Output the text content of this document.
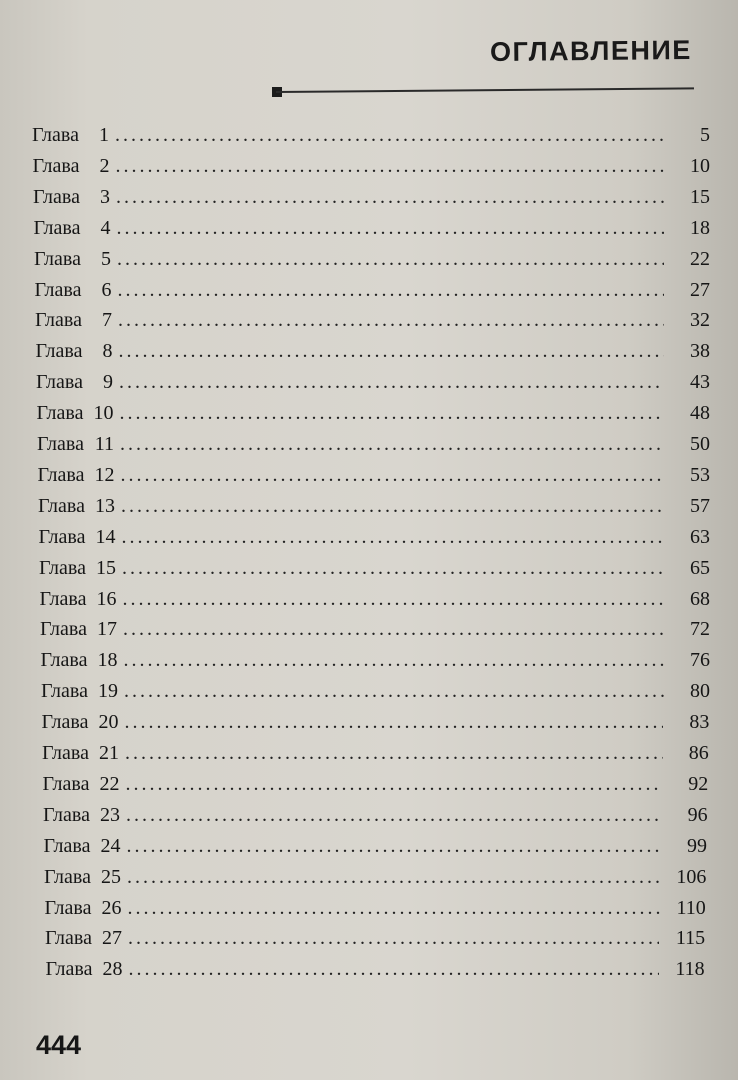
ОГЛАВЛЕНИЕ
Глава 1 .....	5
Глава 2 .....	10
Глава 3 .....	15
Глава 4 .....	18
Глава 5 .....	22
Глава 6 .....	27
Глава 7 .....	32
Глава 8 .....	38
Глава 9 .....	43
Глава 10 .....	48
Глава 11 .....	50
Глава 12 .....	53
Глава 13 .....	57
Глава 14 .....	63
Глава 15 .....	65
Глава 16 .....	68
Глава 17 .....	72
Глава 18 .....	76
Глава 19 .....	80
Глава 20 .....	83
Глава 21 .....	86
Глава 22 .....	92
Глава 23 .....	96
Глава 24 .....	99
Глава 25 .....	106
Глава 26 .....	110
Глава 27 .....	115
Глава 28 .....	118
444
